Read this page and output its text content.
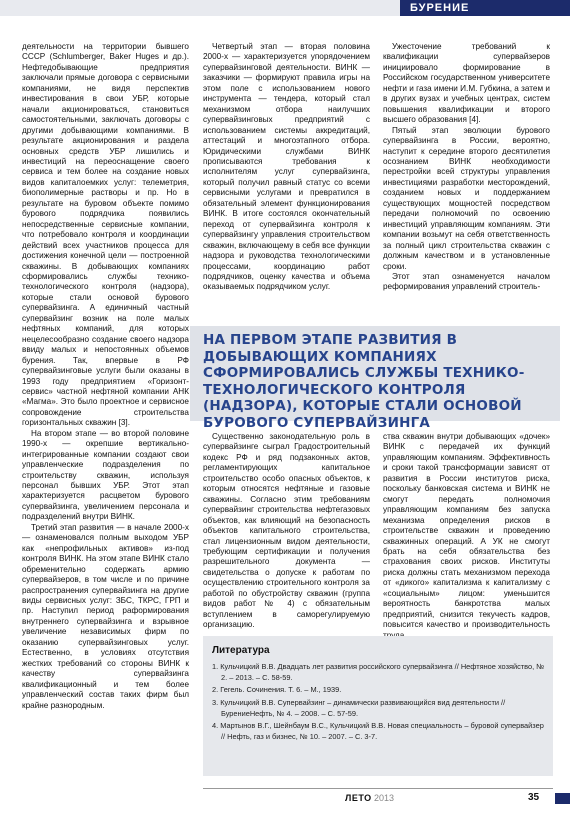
БУРЕНИЕ

деятельности на территории бывшего СССР (Schlumberger, Baker Huges и др.). Нефтедобывающие предприятия заключали прямые договора с сервисными компаниями, не видя перспектив инвестирования в свои УБР, которые начали акционироваться, становиться самостоятельными, заключать договоры с другими добывающими компаниями. В результате акционирования и раздела основных средств УБР лишились и инвестиций на переоснащение своего сервиса и тем более на создание новых видов капиталоемких услуг: телеметрия, биополимерные растворы и пр. Но в результате на буровом объекте помимо бурового подрядчика появились непосредственные сервисные компании, что потребовало контроля и координации действий всех участников процесса для достижения конечной цели — построенной скважины. В добывающих компаниях сформировались службы технико-технологического контроля (надзора), которые стали основой бурового супервайзинга. А единичный частный супервайзинг возник на поле малых нефтяных компаний, для которых нецелесообразно создание своего надзора ввиду малых и непостоянных объемов бурения. Так, впервые в РФ супервайзинговые услуги были оказаны в 1993 году предприятием «Горизонт-сервис» частной нефтяной компании АНК «Магма». Это было проектное и сервисное сопровождение строительства горизонтальных скважин [3].

На втором этапе — во второй половине 1990-х — окрепшие вертикально-интегрированные компании создают свои управленческие подразделения по строительству скважин, используя персонал бывших УБР. Этот этап характеризуется расцветом бурового супервайзинга, увеличением персонала и подразделений внутри ВИНК.

Третий этап развития — в начале 2000-х — ознаменовался полным выходом УБР как «непрофильных активов» из-под контроля ВИНК. На этом этапе ВИНК стало обременительно содержать армию супервайзеров, в том числе и по причине распространения супервайзинга на другие виды сервисных услуг: ЗБС, ТКРС, ГРП и пр. Наступил период раформирования внутреннего супервайзинга и взрывное увеличение независимых фирм по оказанию супервайзинговых услуг. Естественно, в условиях отсутствия жестких требований со стороны ВИНК к качеству супервайзинга квалификационный и тем более управленческий состав таких фирм был крайне разнородным.

Четвертый этап — вторая половина 2000-х — характеризуется упорядочением супервайзинговой деятельности. ВИНК — заказчики — формируют правила игры на этом поле с использованием нового инструмента — тендера, который стал механизмом отбора наилучших супервайзинговых предприятий с использованием системы аккредитаций, аттестаций и многоэтапного отбора. Юридическими службами ВИНК прописываются требования к исполнителям услуг супервайзинга, который получил равный статус со всеми сервисными услугами и превратился в обязательный элемент функционирования ВИНК. В итоге состоялся окончательный переход от супервайзинга контроля к супервайзингу управления строительством скважин, включающему в себя все функции надзора и руководства технологическими процессами, координацию работ подрядчиков, оценку качества и объема оказываемых подрядчиком услуг.

Ужесточение требований к квалификации супервайзеров инициировало формирование в Российском государственном университете нефти и газа имени И.М. Губкина, а затем и в других вузах и учебных центрах, систем повышения квалификации и второго высшего образования [4].

Пятый этап эволюции бурового супервайзинга в России, вероятно, наступит к середине второго десятилетия осознанием ВИНК необходимости перестройки всей структуры управления инвестициями разработки месторождений, созданием новых и поддержанием существующих мощностей посредством передачи полномочий по освоению инвестиций управляющим компаниям. Эти компании возьмут на себя ответственность за полный цикл строительства скважин с должным качеством и в установленные сроки.

Этот этап ознаменуется началом реформирования управлений строитель-

НА ПЕРВОМ ЭТАПЕ РАЗВИТИЯ В ДОБЫВАЮЩИХ КОМПАНИЯХ СФОРМИРОВАЛИСЬ СЛУЖБЫ ТЕХНИКО-ТЕХНОЛОГИЧЕСКОГО КОНТРОЛЯ (НАДЗОРА), КОТОРЫЕ СТАЛИ ОСНОВОЙ БУРОВОГО СУПЕРВАЙЗИНГА

Существенно законодательную роль в супервайзинге сыграл Градостроительный кодекс РФ и ряд подзаконных актов, регламентирующих капитальное строительство особо опасных объектов, к которым относятся нефтяные и газовые скважины. Согласно этим требованиям супервайзинг строительства нефтегазовых объектов, как влияющий на безопасность объектов капитального строительства, стал лицензионным видом деятельности, требующим сертификации и получения разрешительного документа — свидетельства о допуске к работам по осуществлению строительного контроля за работой по обустройству скважин (группа видов работ № 4) с обязательным вступлением в саморегулируемую организацию.

ства скважин внутри добывающих «дочек» ВИНК с передачей их функций управляющим компаниям. Эффективность и сроки такой трансформации зависят от развития в России институтов риска, поскольку банковская система и ВИНК не смогут передать полномочия управляющим компаниям без запуска механизма определения рисков в строительстве скважин и проведению скважинных операций. А УК не смогут брать на себя обязательства без страхования своих рисков. Институты риска должны стать механизмом перехода от «дикого» капитализма к капитализму с «социальным» лицом: уменьшится вероятность банкротства малых предприятий, снизится текучесть кадров, повысится качество и производительность

Литература
1. Кульчицкий В.В. Двадцать лет развития российского супервайзинга // Нефтяное хозяйство, № 2. – 2013. – С. 58-59.
2. Гегель. Сочинения. Т. 6. – М., 1939.
3. Кульчицкий В.В. Супервайзинг – динамически развивающийся вид деятельности // БурениеНефть, № 4. – 2008. – С. 57-59.
4. Мартынов В.Г., Шейнбаум В.С., Кульчицкий В.В. Новая специальность – буровой супервайзер // Нефть, газ и бизнес, № 10. – 2007. – С. 3-7.
ЛЕТО 2013	35
